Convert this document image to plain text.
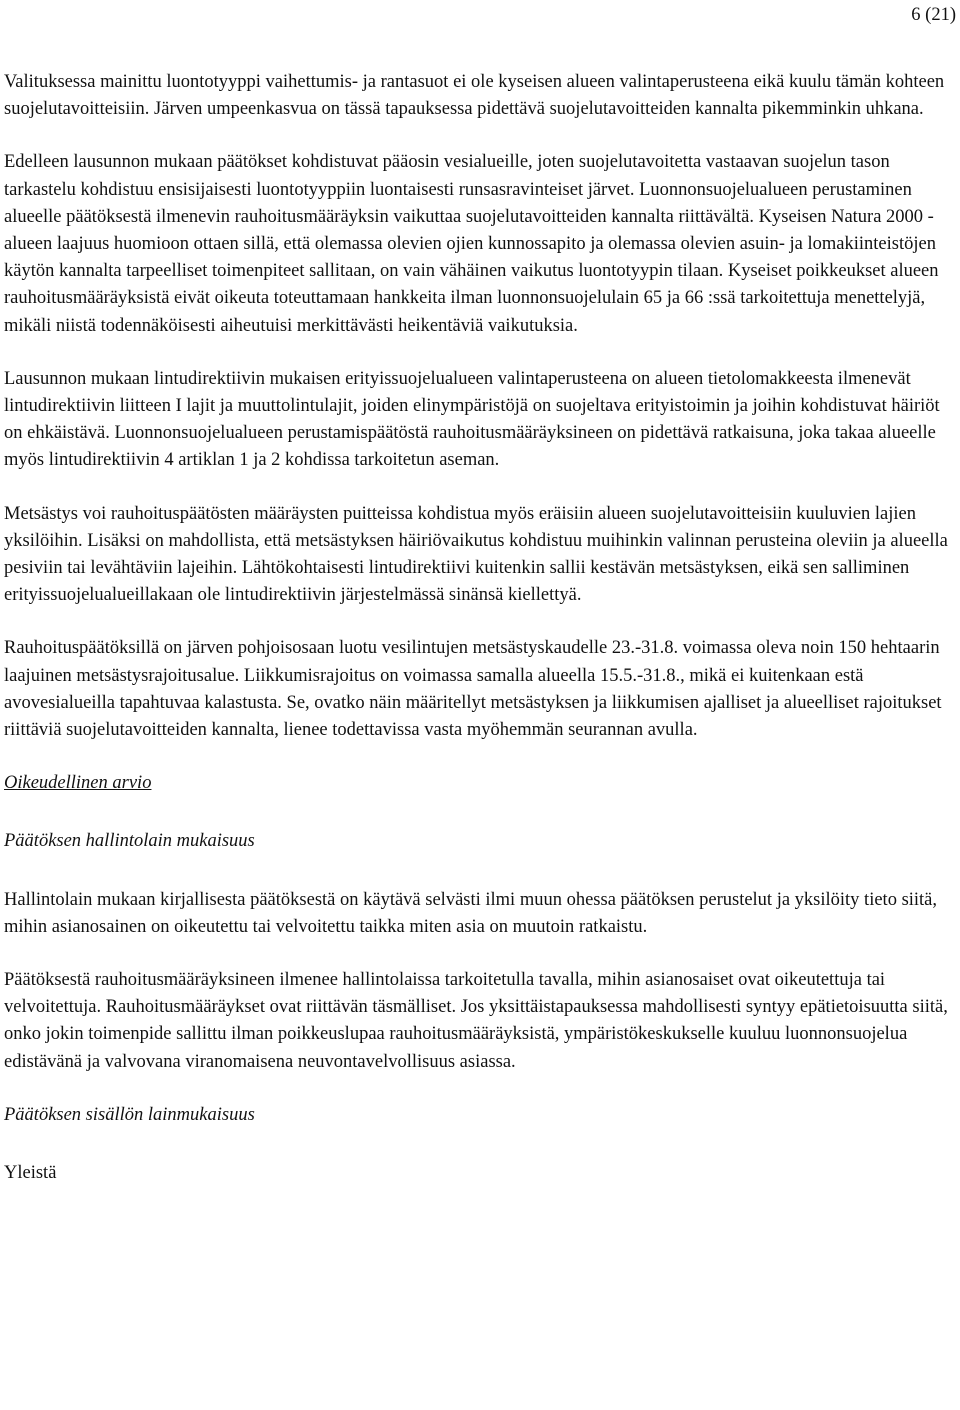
6 (21)

Valituksessa mainittu luontotyyppi vaihettumis- ja rantasuot ei ole kyseisen alueen valintaperusteena eikä kuulu tämän kohteen suojelutavoitteisiin. Järven umpeenkasvua on tässä tapauksessa pidettävä suojelutavoitteiden kannalta pikemminkin uhkana.

Edelleen lausunnon mukaan päätökset kohdistuvat pääosin vesialueille, joten suojelutavoitetta vastaavan suojelun tason tarkastelu kohdistuu ensisijaisesti luontotyyppiin luontaisesti runsasravinteiset järvet. Luonnonsuojelualueen perustaminen alueelle päätöksestä ilmenevin rauhoitusmääräyksin vaikuttaa suojelutavoitteiden kannalta riittävältä. Kyseisen Natura 2000 -alueen laajuus huomioon ottaen sillä, että olemassa olevien ojien kunnossapito ja olemassa olevien asuin- ja lomakiinteistöjen käytön kannalta tarpeelliset toimenpiteet sallitaan, on vain vähäinen vaikutus luontotyypin tilaan. Kyseiset poikkeukset alueen rauhoitusmääräyksistä eivät oikeuta toteuttamaan hankkeita ilman luonnonsuojelulain 65 ja 66 :ssä tarkoitettuja menettelyjä, mikäli niistä todennäköisesti aiheutuisi merkittävästi heikentäviä vaikutuksia.

Lausunnon mukaan lintudirektiivin mukaisen erityissuojelualueen valintaperusteena on alueen tietolomakkeesta ilmenevät lintudirektiivin liitteen I lajit ja muuttolintulajit, joiden elinympäristöjä on suojeltava erityistoimin ja joihin kohdistuvat häiriöt on ehkäistävä. Luonnonsuojelualueen perustamispäätöstä rauhoitusmääräyksineen on pidettävä ratkaisuna, joka takaa alueelle myös lintudirektiivin 4 artiklan 1 ja 2 kohdissa tarkoitetun aseman.

Metsästys voi rauhoituspäätösten määräysten puitteissa kohdistua myös eräisiin alueen suojelutavoitteisiin kuuluvien lajien yksilöihin. Lisäksi on mahdollista, että metsästyksen häiriövaikutus kohdistuu muihinkin valinnan perusteina oleviin ja alueella pesiviin tai levähtäviin lajeihin. Lähtökohtaisesti lintudirektiivi kuitenkin sallii kestävän metsästyksen, eikä sen salliminen erityissuojelualueillakaan ole lintudirektiivin järjestelmässä sinänsä kiellettyä.

Rauhoituspäätöksillä on järven pohjoisosaan luotu vesilintujen metsästyskaudelle 23.-31.8. voimassa oleva noin 150 hehtaarin laajuinen metsästysrajoitusalue. Liikkumisrajoitus on voimassa samalla alueella 15.5.-31.8., mikä ei kuitenkaan estä avovesialueilla tapahtuvaa kalastusta. Se, ovatko näin määritellyt metsästyksen ja liikkumisen ajalliset ja alueelliset rajoitukset riittäviä suojelutavoitteiden kannalta, lienee todettavissa vasta myöhemmän seurannan avulla.

Oikeudellinen arvio
Päätöksen hallintolain mukaisuus

Hallintolain mukaan kirjallisesta päätöksestä on käytävä selvästi ilmi muun ohessa päätöksen perustelut ja yksilöity tieto siitä, mihin asianosainen on oikeutettu tai velvoitettu taikka miten asia on muutoin ratkaistu.

Päätöksestä rauhoitusmääräyksineen ilmenee hallintolaissa tarkoitetulla tavalla, mihin asianosaiset ovat oikeutettuja tai velvoitettuja. Rauhoitusmääräykset ovat riittävän täsmälliset. Jos yksittäistapauksessa mahdollisesti syntyy epätietoisuutta siitä, onko jokin toimenpide sallittu ilman poikkeuslupaa rauhoitusmääräyksistä, ympäristökeskukselle kuuluu luonnonsuojelua edistävänä ja valvovana viranomaisena neuvontavelvollisuus asiassa.

Päätöksen sisällön lainmukaisuus

Yleistä
